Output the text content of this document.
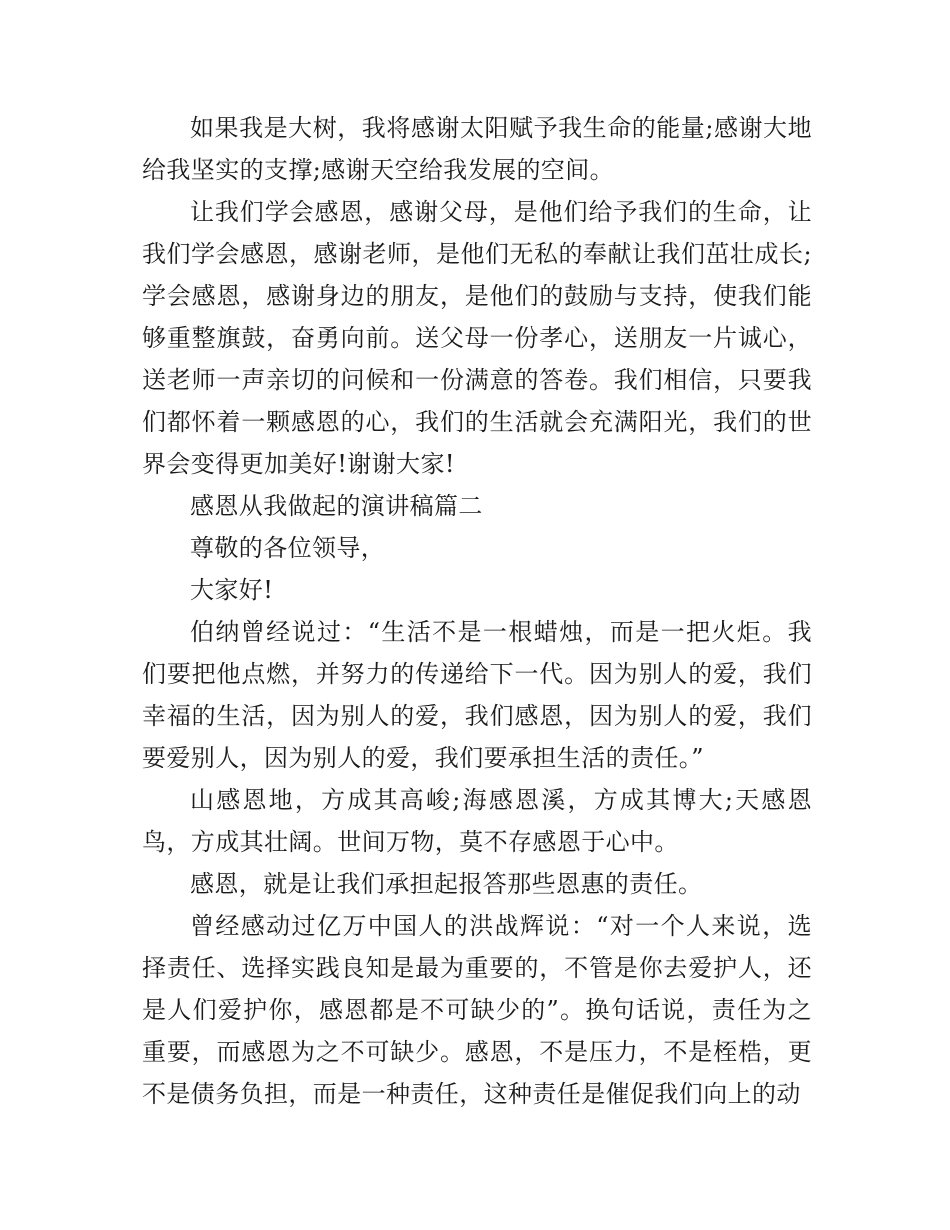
如果我是大树，我将感谢太阳赋予我生命的能量;感谢大地给我坚实的支撑;感谢天空给我发展的空间。

让我们学会感恩，感谢父母，是他们给予我们的生命，让我们学会感恩，感谢老师，是他们无私的奉献让我们茁壮成长;学会感恩，感谢身边的朋友，是他们的鼓励与支持，使我们能够重整旗鼓，奋勇向前。送父母一份孝心，送朋友一片诚心，送老师一声亲切的问候和一份满意的答卷。我们相信，只要我们都怀着一颗感恩的心，我们的生活就会充满阳光，我们的世界会变得更加美好!谢谢大家!

感恩从我做起的演讲稿篇二

尊敬的各位领导，

大家好!

伯纳曾经说过：“生活不是一根蜡烛，而是一把火炬。我们要把他点燃，并努力的传递给下一代。因为别人的爱，我们幸福的生活，因为别人的爱，我们感恩，因为别人的爱，我们要爱别人，因为别人的爱，我们要承担生活的责任。”

山感恩地，方成其高峻;海感恩溪，方成其博大;天感恩鸟，方成其壮阔。世间万物，莫不存感恩于心中。

感恩，就是让我们承担起报答那些恩惠的责任。

曾经感动过亿万中国人的洪战辉说：“对一个人来说，选择责任、选择实践良知是最为重要的，不管是你去爱护人，还是人们爱护你，感恩都是不可缺少的”。换句话说，责任为之重要，而感恩为之不可缺少。感恩，不是压力，不是桎梏，更不是债务负担，而是一种责任，这种责任是催促我们向上的动
